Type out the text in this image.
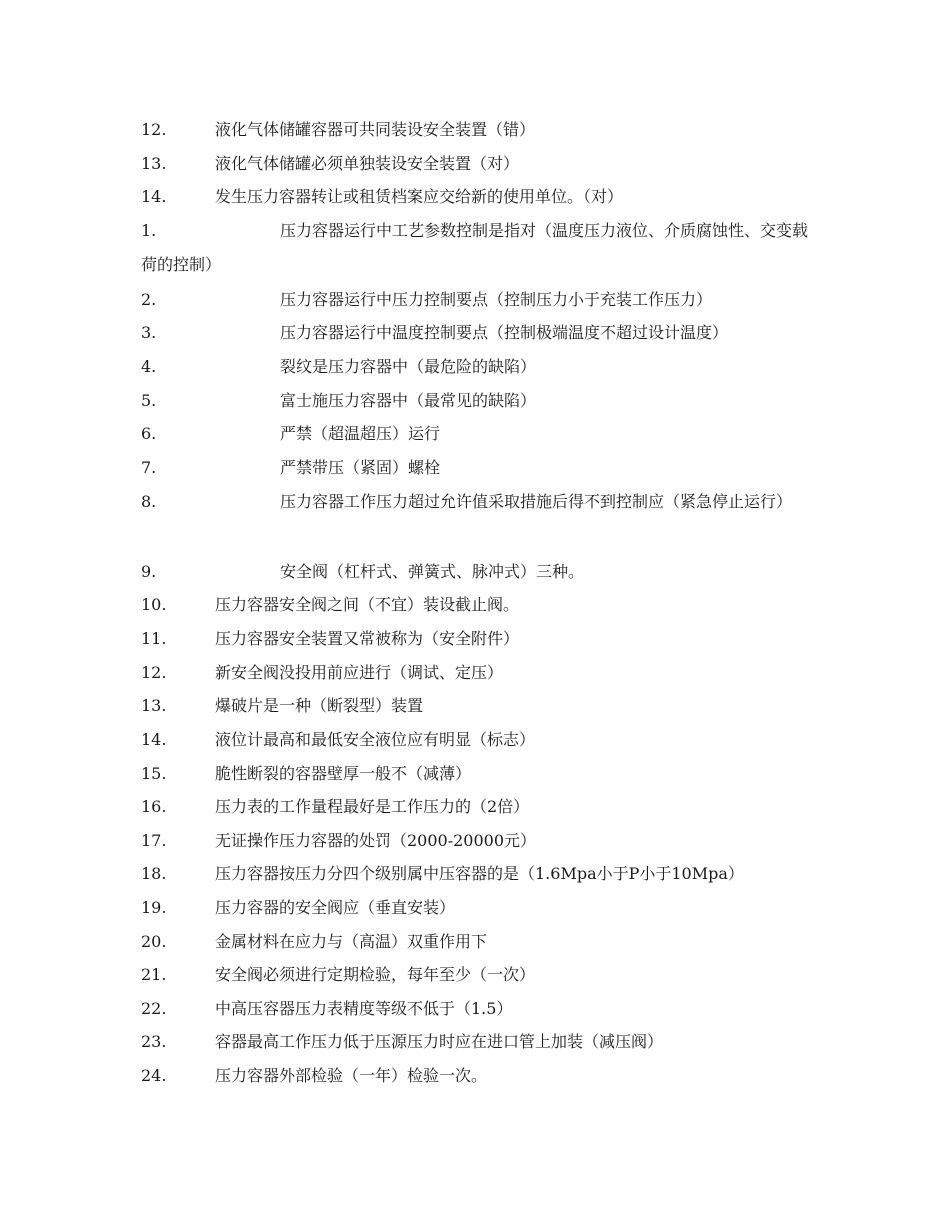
12.	液化气体储罐容器可共同装设安全装置（错）
13.	液化气体储罐必须单独装设安全装置（对）
14.	发生压力容器转让或租赁档案应交给新的使用单位。（对）
1.	压力容器运行中工艺参数控制是指对（温度压力液位、介质腐蚀性、交变载荷的控制）
2.	压力容器运行中压力控制要点（控制压力小于充装工作压力）
3.	压力容器运行中温度控制要点（控制极端温度不超过设计温度）
4.	裂纹是压力容器中（最危险的缺陷）
5.	富士施压力容器中（最常见的缺陷）
6.	严禁（超温超压）运行
7.	严禁带压（紧固）螺栓
8.	压力容器工作压力超过允许值采取措施后得不到控制应（紧急停止运行）
9.	安全阀（杠杆式、弹簧式、脉冲式）三种。
10.	压力容器安全阀之间（不宜）装设截止阀。
11.	压力容器安全装置又常被称为（安全附件）
12.	新安全阀没投用前应进行（调试、定压）
13.	爆破片是一种（断裂型）装置
14.	液位计最高和最低安全液位应有明显（标志）
15.	脆性断裂的容器壁厚一般不（减薄）
16.	压力表的工作量程最好是工作压力的（2倍）
17.	无证操作压力容器的处罚（2000-20000元）
18.	压力容器按压力分四个级别属中压容器的是（1.6Mpa小于P小于10Mpa）
19.	压力容器的安全阀应（垂直安装）
20.	金属材料在应力与（高温）双重作用下
21.	安全阀必须进行定期检验，每年至少（一次）
22.	中高压容器压力表精度等级不低于（1.5）
23.	容器最高工作压力低于压源压力时应在进口管上加装（减压阀）
24.	压力容器外部检验（一年）检验一次。
